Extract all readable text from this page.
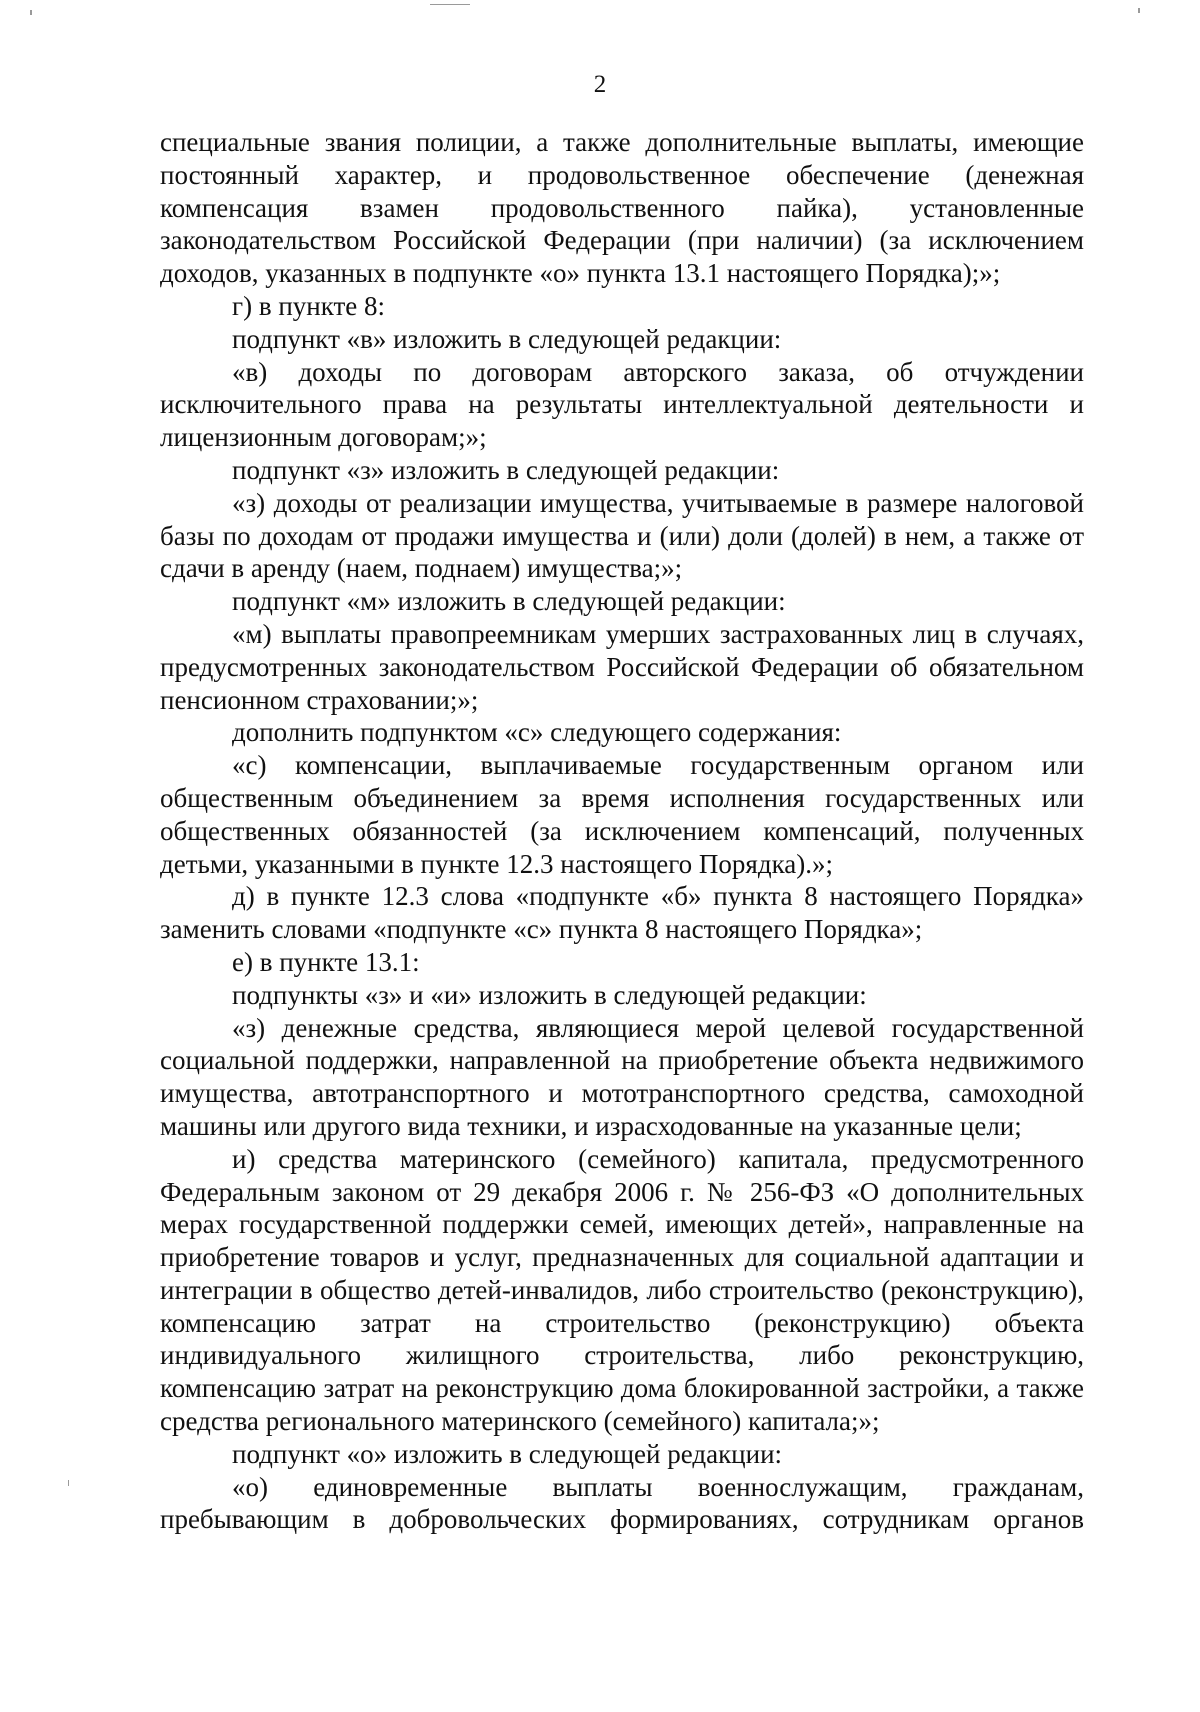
2

специальные звания полиции, а также дополнительные выплаты, имеющие постоянный характер, и продовольственное обеспечение (денежная компенсация взамен продовольственного пайка), установленные законодательством Российской Федерации (при наличии) (за исключением доходов, указанных в подпункте «о» пункта 13.1 настоящего Порядка);»;

г) в пункте 8:

подпункт «в» изложить в следующей редакции:

«в) доходы по договорам авторского заказа, об отчуждении исключительного права на результаты интеллектуальной деятельности и лицензионным договорам;»;

подпункт «з» изложить в следующей редакции:

«з) доходы от реализации имущества, учитываемые в размере налоговой базы по доходам от продажи имущества и (или) доли (долей) в нем, а также от сдачи в аренду (наем, поднаем) имущества;»;

подпункт «м» изложить в следующей редакции:

«м) выплаты правопреемникам умерших застрахованных лиц в случаях, предусмотренных законодательством Российской Федерации об обязательном пенсионном страховании;»;

дополнить подпунктом «с» следующего содержания:

«с) компенсации, выплачиваемые государственным органом или общественным объединением за время исполнения государственных или общественных обязанностей (за исключением компенсаций, полученных детьми, указанными в пункте 12.3 настоящего Порядка).»;

д) в пункте 12.3 слова «подпункте «б» пункта 8 настоящего Порядка» заменить словами «подпункте «с» пункта 8 настоящего Порядка»;

е) в пункте 13.1:

подпункты «з» и «и» изложить в следующей редакции:

«з) денежные средства, являющиеся мерой целевой государственной социальной поддержки, направленной на приобретение объекта недвижимого имущества, автотранспортного и мототранспортного средства, самоходной машины или другого вида техники, и израсходованные на указанные цели;

и) средства материнского (семейного) капитала, предусмотренного Федеральным законом от 29 декабря 2006 г. № 256-ФЗ «О дополнительных мерах государственной поддержки семей, имеющих детей», направленные на приобретение товаров и услуг, предназначенных для социальной адаптации и интеграции в общество детей-инвалидов, либо строительство (реконструкцию), компенсацию затрат на строительство (реконструкцию) объекта индивидуального жилищного строительства, либо реконструкцию, компенсацию затрат на реконструкцию дома блокированной застройки, а также средства регионального материнского (семейного) капитала;»;

подпункт «о» изложить в следующей редакции:

«о) единовременные выплаты военнослужащим, гражданам, пребывающим в добровольческих формированиях, сотрудникам органов
